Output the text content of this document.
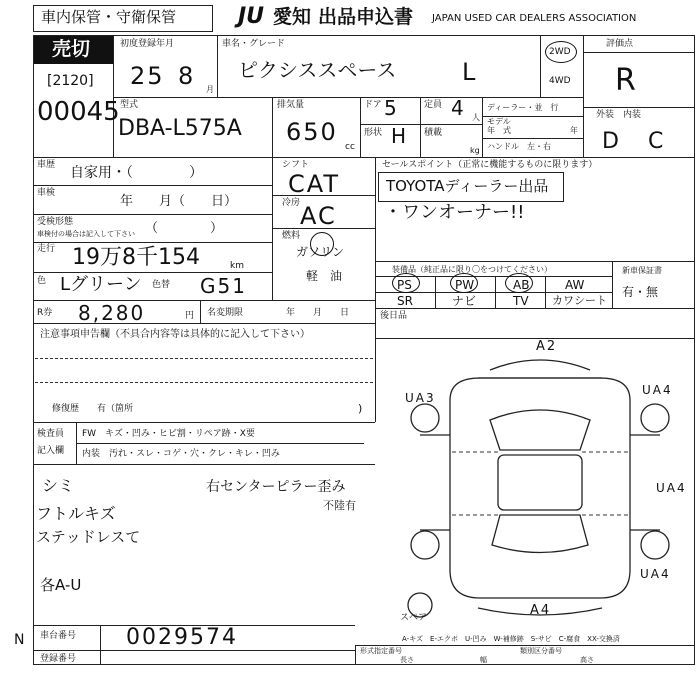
車内保管・守衛保管	JU 愛知 出品申込書 JAPAN USED CAR DEALERS ASSOCIATION
売切
[2120]
00045
初度登録年月
25 8 月
車名・グレード
ピクシススペース	L
2WD
4WD
評価点
R
外装　内装
D C
型式
DBA-L575A
排気量
650
cc
ドア 5
形状 H
定員 4 人
積載
kg
ディーラー・並　行
モデル
年　式	年
ハンドル　左・右
車歴 自家用・（　　　　）
車検
年　　月（　　日）
受検形態
車検付の場合は記入して下さい （　　　　）
走行 19万8千154	km
色 Lグリーン 色替 G51
シフト
CAT
冷房 AC
燃料
ガソリン
軽　油
セールスポイント（正常に機能するものに限ります）
TOYOTAディーラー出品
・ワンオーナー!!
装備品（純正品に限り〇をつけてください）	新車保証書
有・無
PS	PW	AB	AW
SR	ナビ	TV カワシート
R券 8,280	円 名変期限	年　　月　　日	後日品
注意事項申告欄（不具合内容等は具体的に記入して下さい）
修復歴　　有（箇所	)
検査員
記入欄
FW　キズ・凹み・ヒビ割・リペア跡・X要
内装　汚れ・スレ・コゲ・穴・クレ・キレ・凹み
シミ
フトルキズ
ステッドレスて
右センターピラー歪み
不陸有
各A-U
A2
UA4
UA3
UA4
UA4
A4
スペア
A-キズ　E-エクボ　U-凹み　W-補修跡　S-サビ　C-腐食　XX-交換済
車台番号 0029574
登録番号
形式指定番号	類別区分番号
長さ	幅	高さ
N
